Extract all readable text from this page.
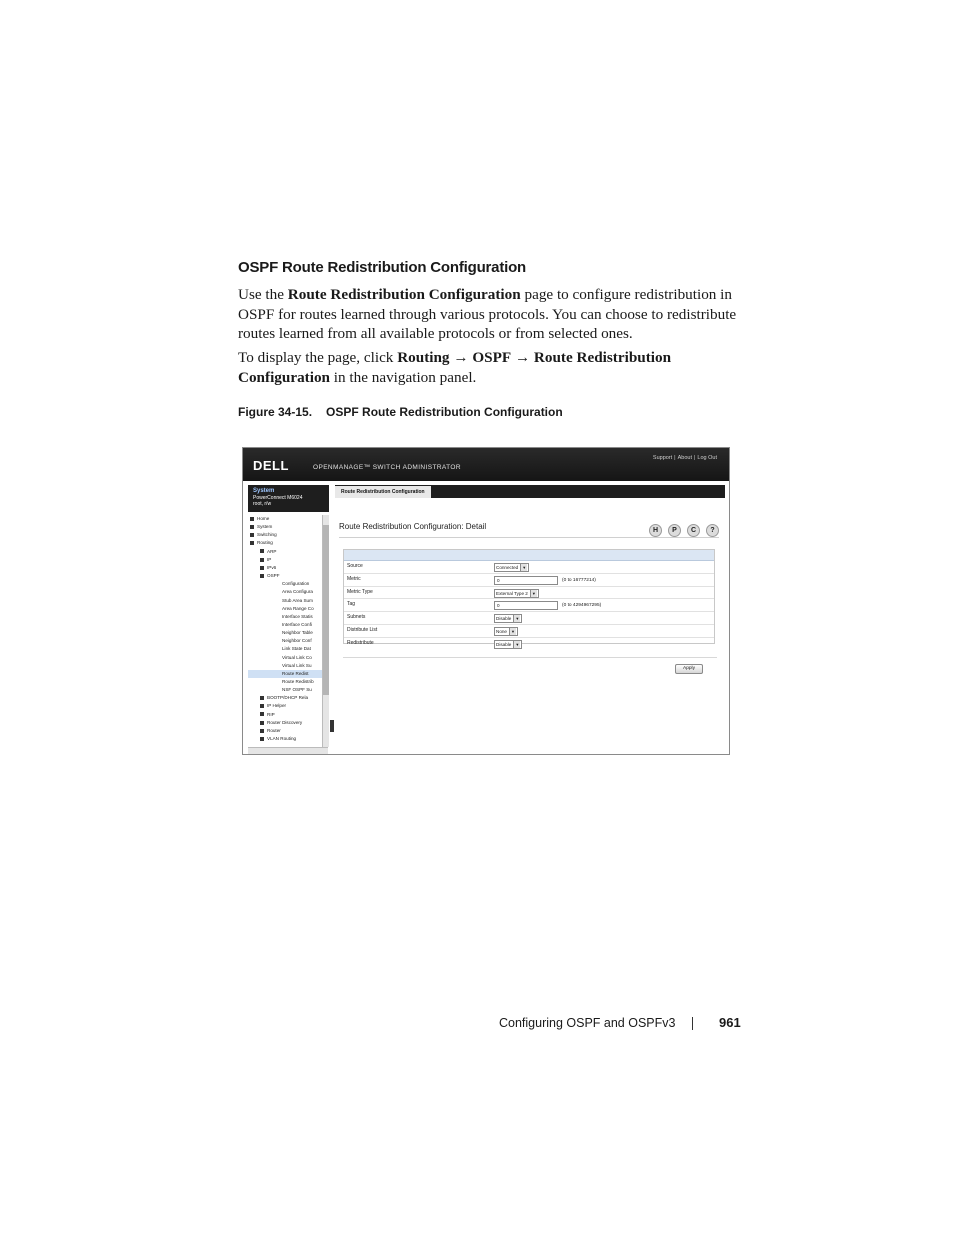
OSPF Route Redistribution Configuration
Use the Route Redistribution Configuration page to configure redistribution in OSPF for routes learned through various protocols. You can choose to redistribute routes learned from all available protocols or from selected ones.
To display the page, click Routing → OSPF → Route Redistribution Configuration in the navigation panel.
Figure 34-15. OSPF Route Redistribution Configuration
DELL	OPENMANAGE™ SWITCH ADMINISTRATOR
Support | About | Log Out
System
PowerConnect M6024
root, r/w
Home
System
Switching
Routing
ARP
IP
IPv6
OSPF
Configuration
Area Configura
Stub Area Sum
Area Range Co
Interface Statis
Interface Confi
Neighbor Table
Neighbor Conf
Link State Dat
Virtual Link Co
Virtual Link Su
Route Redist
Route Redistrib
NSF OSPF Su
BOOTP/DHCP Rela
IP Helper
RIP
Router Discovery
Router
VLAN Routing
Route Redistribution Configuration
Route Redistribution Configuration: Detail	H P C ?
Source	Connected ▼
Metric	0	(0 to 16777214)
Metric Type	External Type 2 ▼
Tag	0	(0 to 4294967295)
Subnets	Disable ▼
Distribute List	None ▼
Redistribute	Disable ▼
Apply
Configuring OSPF and OSPFv3	961
